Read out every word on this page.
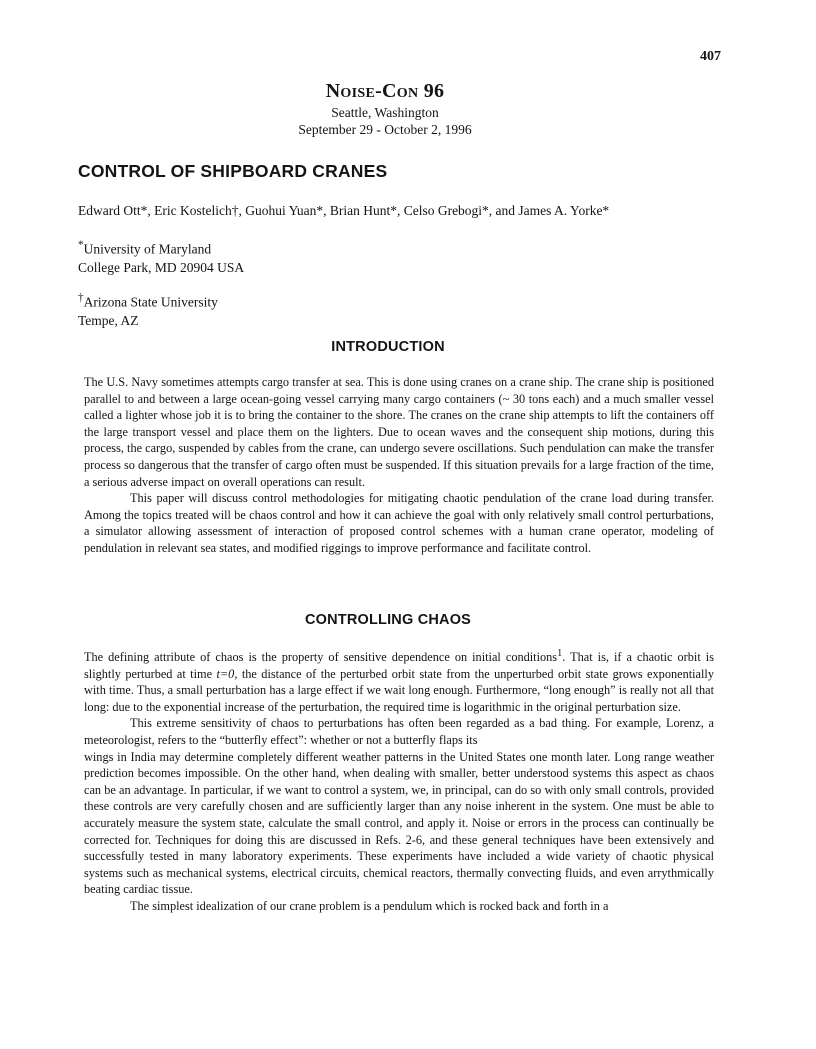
407
Noise-Con 96
Seattle, Washington
September 29 - October 2, 1996
CONTROL OF SHIPBOARD CRANES
Edward Ott*, Eric Kostelich†, Guohui Yuan*, Brian Hunt*, Celso Grebogi*, and James A. Yorke*
*University of Maryland
College Park, MD 20904 USA
†Arizona State University
Tempe, AZ
INTRODUCTION

The U.S. Navy sometimes attempts cargo transfer at sea. This is done using cranes on a crane ship. The crane ship is positioned parallel to and between a large ocean-going vessel carrying many cargo containers (~ 30 tons each) and a much smaller vessel called a lighter whose job it is to bring the container to the shore. The cranes on the crane ship attempts to lift the containers off the large transport vessel and place them on the lighters. Due to ocean waves and the consequent ship motions, during this process, the cargo, suspended by cables from the crane, can undergo severe oscillations. Such pendulation can make the transfer process so dangerous that the transfer of cargo often must be suspended. If this situation prevails for a large fraction of the time, a serious adverse impact on overall operations can result.

This paper will discuss control methodologies for mitigating chaotic pendulation of the crane load during transfer. Among the topics treated will be chaos control and how it can achieve the goal with only relatively small control perturbations, a simulator allowing assessment of interaction of proposed control schemes with a human crane operator, modeling of pendulation in relevant sea states, and modified riggings to improve performance and facilitate control.

CONTROLLING CHAOS

The defining attribute of chaos is the property of sensitive dependence on initial conditions$^1$. That is, if a chaotic orbit is slightly perturbed at time t=0, the distance of the perturbed orbit state from the unperturbed orbit state grows exponentially with time. Thus, a small perturbation has a large effect if we wait long enough. Furthermore, “long enough” is really not all that long: due to the exponential increase of the perturbation, the required time is logarithmic in the original perturbation size.

This extreme sensitivity of chaos to perturbations has often been regarded as a bad thing. For example, Lorenz, a meteorologist, refers to the “butterfly effect”: whether or not a butterfly flaps its

wings in India may determine completely different weather patterns in the United States one month later. Long range weather prediction becomes impossible. On the other hand, when dealing with smaller, better understood systems this aspect as chaos can be an advantage. In particular, if we want to control a system, we, in principal, can do so with only small controls, provided these controls are very carefully chosen and are sufficiently larger than any noise inherent in the system. One must be able to accurately measure the system state, calculate the small control, and apply it. Noise or errors in the process can continually be corrected for. Techniques for doing this are discussed in Refs. 2-6, and these general techniques have been extensively and successfully tested in many laboratory experiments. These experiments have included a wide variety of chaotic physical systems such as mechanical systems, electrical circuits, chemical reactors, thermally convecting fluids, and even arrythmically beating cardiac tissue.

The simplest idealization of our crane problem is a pendulum which is rocked back and forth in a
